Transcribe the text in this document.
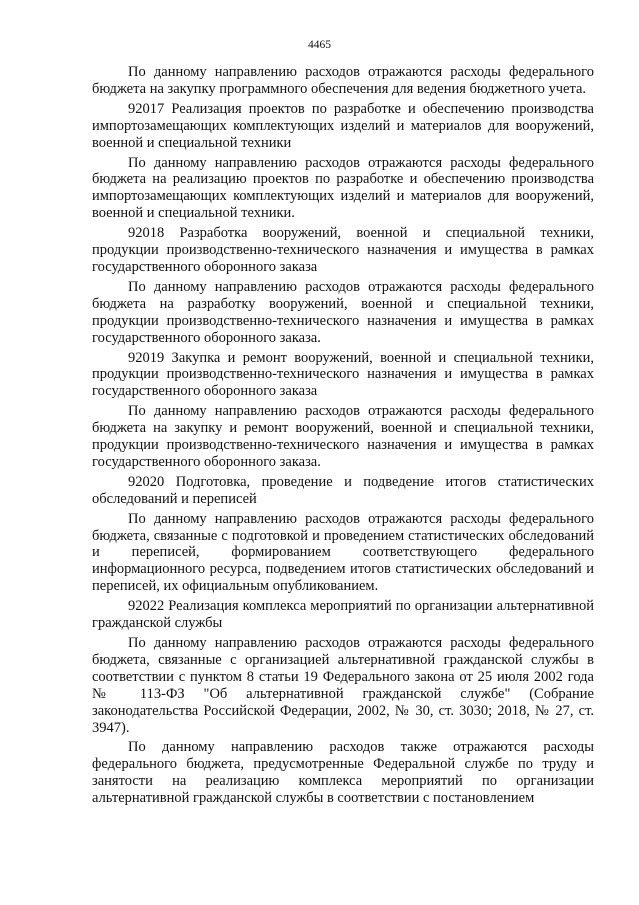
4465

По данному направлению расходов отражаются расходы федерального бюджета на закупку программного обеспечения для ведения бюджетного учета.

92017 Реализация проектов по разработке и обеспечению производства импортозамещающих комплектующих изделий и материалов для вооружений, военной и специальной техники

По данному направлению расходов отражаются расходы федерального бюджета на реализацию проектов по разработке и обеспечению производства импортозамещающих комплектующих изделий и материалов для вооружений, военной и специальной техники.

92018 Разработка вооружений, военной и специальной техники, продукции производственно-технического назначения и имущества в рамках государственного оборонного заказа

По данному направлению расходов отражаются расходы федерального бюджета на разработку вооружений, военной и специальной техники, продукции производственно-технического назначения и имущества в рамках государственного оборонного заказа.

92019 Закупка и ремонт вооружений, военной и специальной техники, продукции производственно-технического назначения и имущества в рамках государственного оборонного заказа

По данному направлению расходов отражаются расходы федерального бюджета на закупку и ремонт вооружений, военной и специальной техники, продукции производственно-технического назначения и имущества в рамках государственного оборонного заказа.

92020 Подготовка, проведение и подведение итогов статистических обследований и переписей

По данному направлению расходов отражаются расходы федерального бюджета, связанные с подготовкой и проведением статистических обследований и переписей, формированием соответствующего федерального информационного ресурса, подведением итогов статистических обследований и переписей, их официальным опубликованием.

92022 Реализация комплекса мероприятий по организации альтернативной гражданской службы

По данному направлению расходов отражаются расходы федерального бюджета, связанные с организацией альтернативной гражданской службы в соответствии с пунктом 8 статьи 19 Федерального закона от 25 июля 2002 года № 113-ФЗ "Об альтернативной гражданской службе" (Собрание законодательства Российской Федерации, 2002, № 30, ст. 3030; 2018, № 27, ст. 3947).

По данному направлению расходов также отражаются расходы федерального бюджета, предусмотренные Федеральной службе по труду и занятости на реализацию комплекса мероприятий по организации альтернативной гражданской службы в соответствии с постановлением
